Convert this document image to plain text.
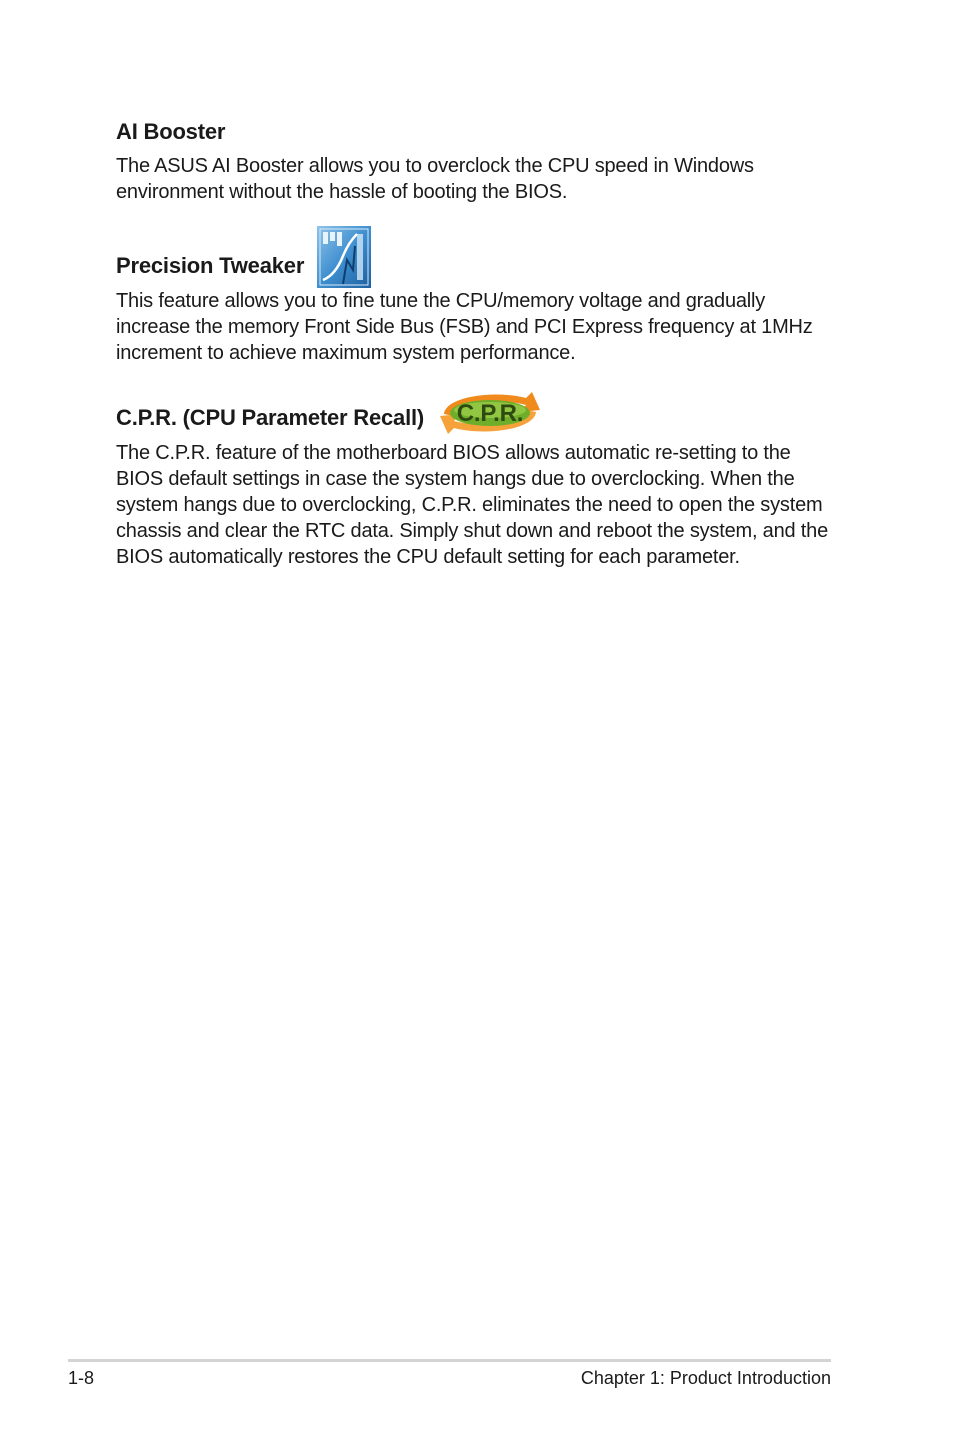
AI Booster

The ASUS AI Booster allows you to overclock the CPU speed in Windows environment without the hassle of booting the BIOS.

Precision Tweaker

This feature allows you to fine tune the CPU/memory voltage and gradually increase the memory Front Side Bus (FSB) and PCI Express frequency at 1MHz increment to achieve maximum system performance.

C.P.R. (CPU Parameter Recall) C.P.R.

The C.P.R. feature of the motherboard BIOS allows automatic re-setting to the BIOS default settings in case the system hangs due to overclocking. When the system hangs due to overclocking, C.P.R. eliminates the need to open the system chassis and clear the RTC data. Simply shut down and reboot the system, and the BIOS automatically restores the CPU default setting for each parameter.

1-8	Chapter 1: Product Introduction
